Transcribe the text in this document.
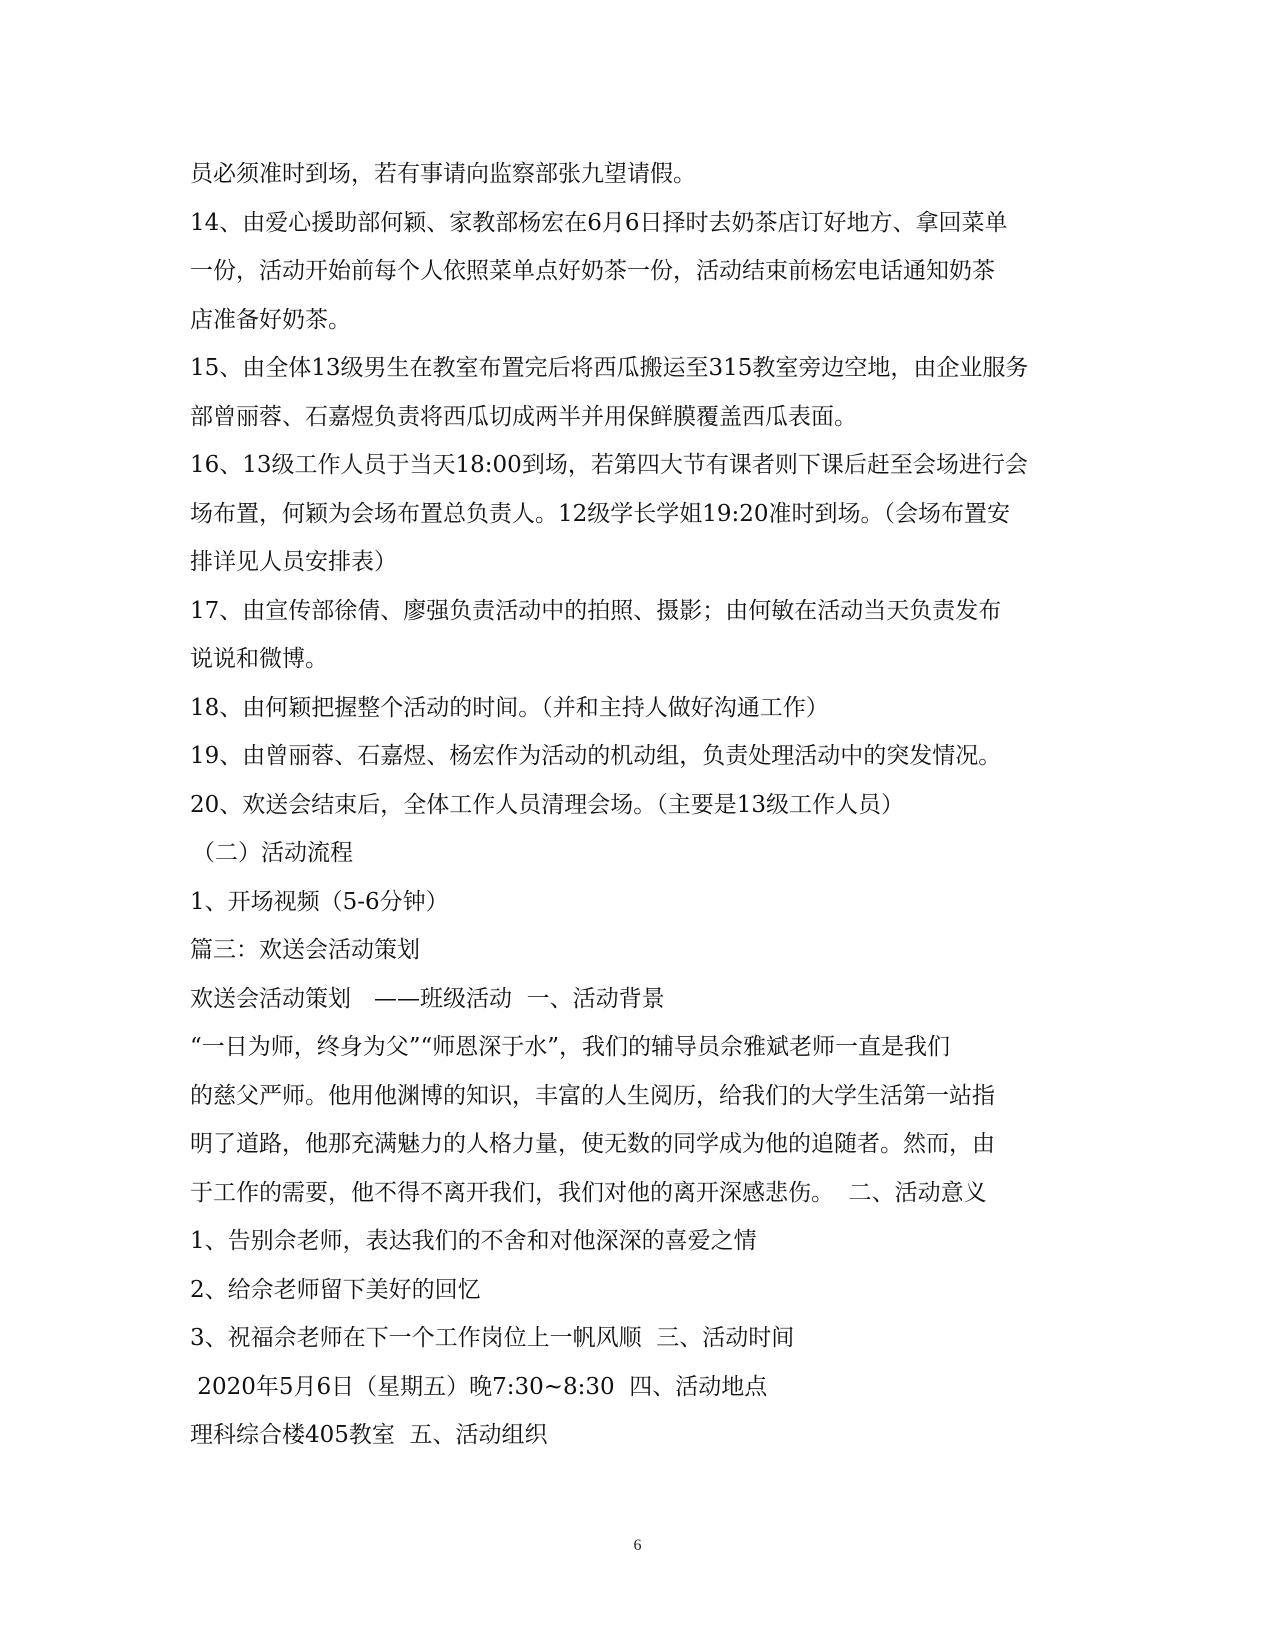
员必须准时到场，若有事请向监察部张九望请假。
14、由爱心援助部何颖、家教部杨宏在6月6日择时去奶茶店订好地方、拿回菜单
一份，活动开始前每个人依照菜单点好奶茶一份，活动结束前杨宏电话通知奶茶
店准备好奶茶。
15、由全体13级男生在教室布置完后将西瓜搬运至315教室旁边空地，由企业服务
部曾丽蓉、石嘉煜负责将西瓜切成两半并用保鲜膜覆盖西瓜表面。
16、13级工作人员于当天18:00到场，若第四大节有课者则下课后赶至会场进行会
场布置，何颖为会场布置总负责人。12级学长学姐19:20准时到场。（会场布置安
排详见人员安排表）
17、由宣传部徐倩、廖强负责活动中的拍照、摄影；由何敏在活动当天负责发布
说说和微博。
18、由何颖把握整个活动的时间。（并和主持人做好沟通工作）
19、由曾丽蓉、石嘉煜、杨宏作为活动的机动组，负责处理活动中的突发情况。
20、欢送会结束后，全体工作人员清理会场。（主要是13级工作人员）
（二）活动流程
1、开场视频（5-6分钟）
篇三：欢送会活动策划
欢送会活动策划　——班级活动  一、活动背景
“一日为师，终身为父”“师恩深于水”，我们的辅导员佘雅斌老师一直是我们
的慈父严师。他用他渊博的知识，丰富的人生阅历，给我们的大学生活第一站指
明了道路，他那充满魅力的人格力量，使无数的同学成为他的追随者。然而，由
于工作的需要，他不得不离开我们，我们对他的离开深感悲伤。  二、活动意义
1、告别佘老师，表达我们的不舍和对他深深的喜爱之情
2、给佘老师留下美好的回忆
3、祝福佘老师在下一个工作岗位上一帆风顺  三、活动时间
2020年5月6日（星期五）晚7:30~8:30  四、活动地点
理科综合楼405教室  五、活动组织
6
